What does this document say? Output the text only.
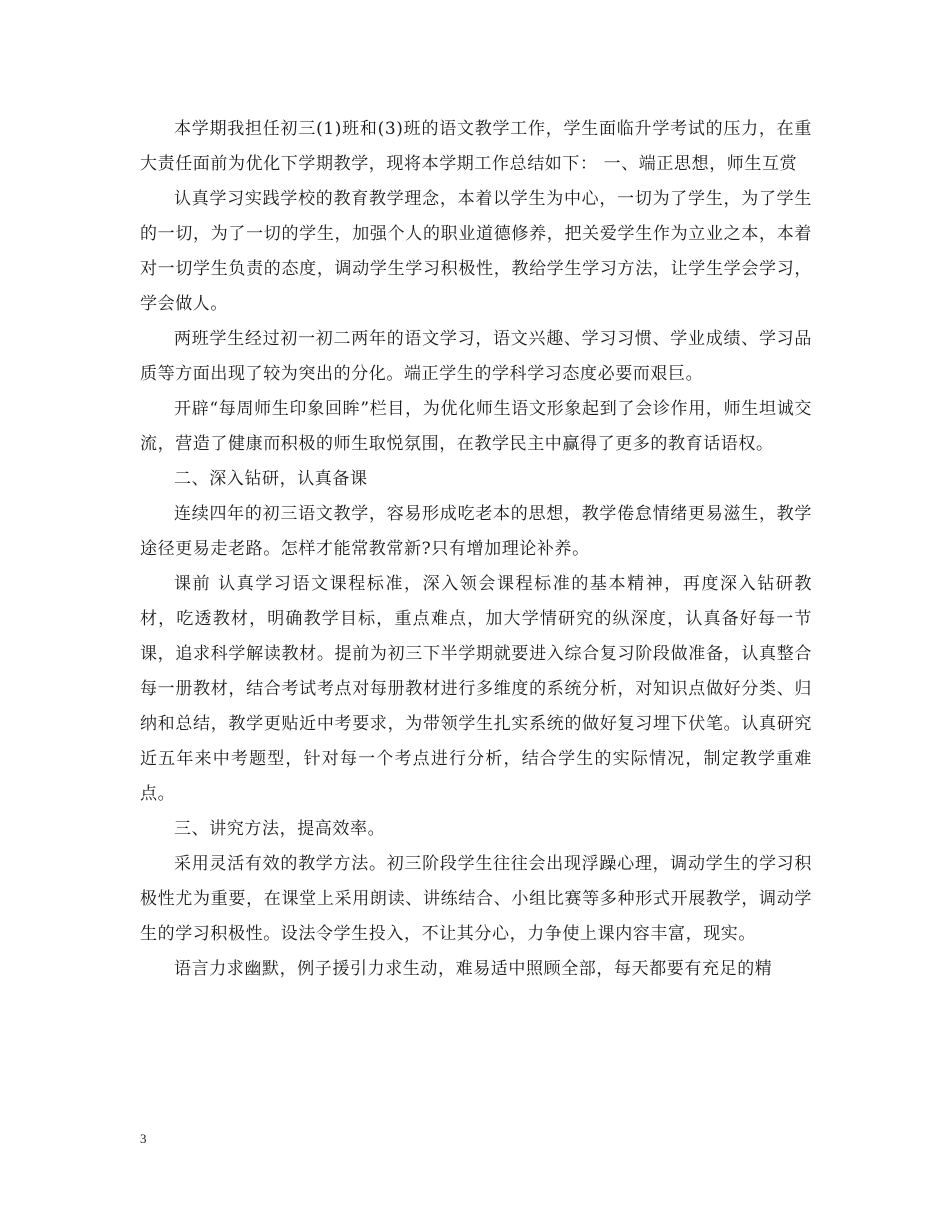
本学期我担任初三(1)班和(3)班的语文教学工作，学生面临升学考试的压力，在重大责任面前为优化下学期教学，现将本学期工作总结如下： 一、端正思想，师生互赏

认真学习实践学校的教育教学理念，本着以学生为中心，一切为了学生，为了学生的一切，为了一切的学生，加强个人的职业道德修养，把关爱学生作为立业之本，本着对一切学生负责的态度，调动学生学习积极性，教给学生学习方法，让学生学会学习，学会做人。

两班学生经过初一初二两年的语文学习，语文兴趣、学习习惯、学业成绩、学习品质等方面出现了较为突出的分化。端正学生的学科学习态度必要而艰巨。

开辟“每周师生印象回眸”栏目，为优化师生语文形象起到了会诊作用，师生坦诚交流，营造了健康而积极的师生取悦氛围，在教学民主中赢得了更多的教育话语权。

二、深入钻研，认真备课

连续四年的初三语文教学，容易形成吃老本的思想，教学倦怠情绪更易滋生，教学途径更易走老路。怎样才能常教常新?只有增加理论补养。

课前 认真学习语文课程标准，深入领会课程标准的基本精神，再度深入钻研教材，吃透教材，明确教学目标，重点难点，加大学情研究的纵深度，认真备好每一节课，追求科学解读教材。提前为初三下半学期就要进入综合复习阶段做准备，认真整合每一册教材，结合考试考点对每册教材进行多维度的系统分析，对知识点做好分类、归纳和总结，教学更贴近中考要求，为带领学生扎实系统的做好复习埋下伏笔。认真研究近五年来中考题型，针对每一个考点进行分析，结合学生的实际情况，制定教学重难点。

三、讲究方法，提高效率。

采用灵活有效的教学方法。初三阶段学生往往会出现浮躁心理，调动学生的学习积极性尤为重要，在课堂上采用朗读、讲练结合、小组比赛等多种形式开展教学，调动学生的学习积极性。设法令学生投入，不让其分心，力争使上课内容丰富，现实。

语言力求幽默，例子援引力求生动，难易适中照顾全部，每天都要有充足的精

3
